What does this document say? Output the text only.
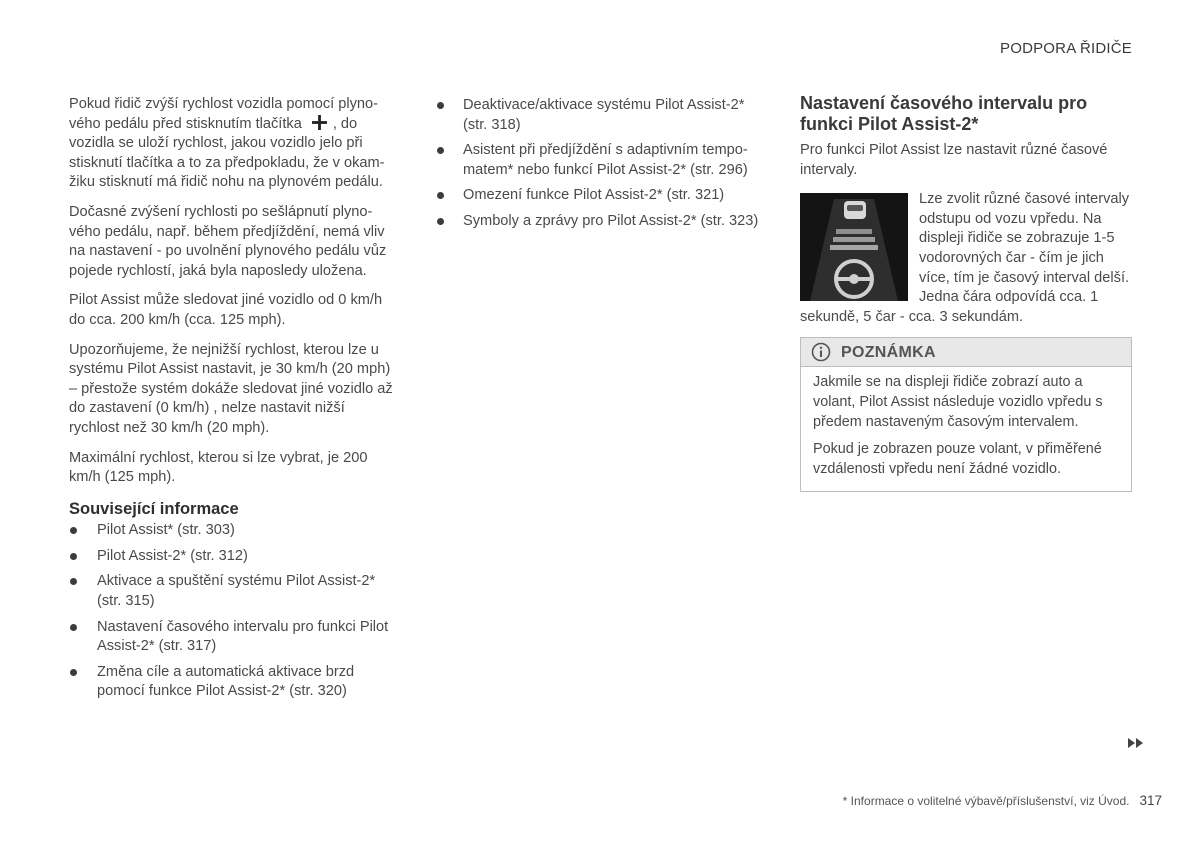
PODPORA ŘIDIČE

Pokud řidič zvýší rychlost vozidla pomocí plyno-vého pedálu před stisknutím tlačítka , do vozidla se uloží rychlost, jakou vozidlo jelo při stisknutí tlačítka a to za předpokladu, že v okam-žiku stisknutí má řidič nohu na plynovém pedálu.

Dočasné zvýšení rychlosti po sešlápnutí plyno-vého pedálu, např. během předjíždění, nemá vliv na nastavení - po uvolnění plynového pedálu vůz pojede rychlostí, jaká byla naposledy uložena.

Pilot Assist může sledovat jiné vozidlo od 0 km/h do cca. 200 km/h (cca. 125 mph).

Upozorňujeme, že nejnižší rychlost, kterou lze u systému Pilot Assist nastavit, je 30 km/h (20 mph) – přestože systém dokáže sledovat jiné vozidlo až do zastavení (0 km/h) , nelze nastavit nižší rychlost než 30 km/h (20 mph).

Maximální rychlost, kterou si lze vybrat, je 200 km/h (125 mph).

Související informace
Pilot Assist* (str. 303)
Pilot Assist-2* (str. 312)
Aktivace a spuštění systému Pilot Assist-2* (str. 315)
Nastavení časového intervalu pro funkci Pilot Assist-2* (str. 317)
Změna cíle a automatická aktivace brzd pomocí funkce Pilot Assist-2* (str. 320)
Deaktivace/aktivace systému Pilot Assist-2* (str. 318)
Asistent při předjíždění s adaptivním tempo-matem* nebo funkcí Pilot Assist-2* (str. 296)
Omezení funkce Pilot Assist-2* (str. 321)
Symboly a zprávy pro Pilot Assist-2* (str. 323)
Nastavení časového intervalu pro funkci Pilot Assist-2*

Pro funkci Pilot Assist lze nastavit různé časové intervaly.

Lze zvolit různé časové intervaly odstupu od vozu vpředu. Na displeji řidiče se zobrazuje 1-5 vodorovných čar - čím je jich více, tím je časový interval delší. Jedna čára odpovídá cca. 1 sekundě, 5 čar - cca. 3 sekundám.

POZNÁMKA

Jakmile se na displeji řidiče zobrazí auto a volant, Pilot Assist následuje vozidlo vpředu s předem nastaveným časovým intervalem.

Pokud je zobrazen pouze volant, v přiměřené vzdálenosti vpředu není žádné vozidlo.

* Informace o volitelné výbavě/příslušenství, viz Úvod. 317
